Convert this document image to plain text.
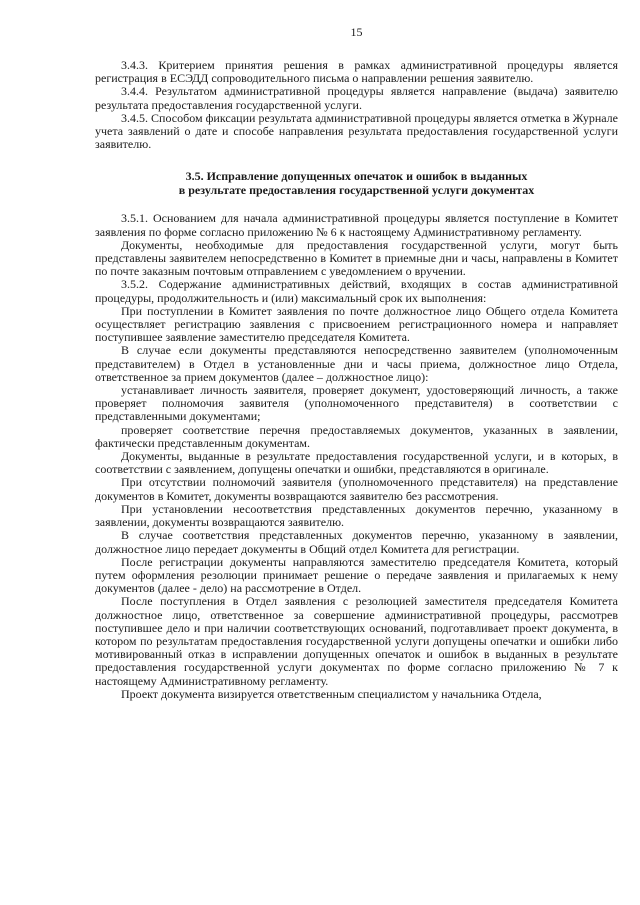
15

3.4.3. Критерием принятия решения в рамках административной процедуры является регистрация в ЕСЭДД сопроводительного письма о направлении решения заявителю.

3.4.4. Результатом административной процедуры является направление (выдача) заявителю результата предоставления государственной услуги.

3.4.5. Способом фиксации результата административной процедуры является отметка в Журнале учета заявлений о дате и способе направления результата предоставления государственной услуги заявителю.

3.5. Исправление допущенных опечаток и ошибок в выданных
в результате предоставления государственной услуги документах

3.5.1. Основанием для начала административной процедуры является поступление в Комитет заявления по форме согласно приложению № 6 к настоящему Административному регламенту.

Документы, необходимые для предоставления государственной услуги, могут быть представлены заявителем непосредственно в Комитет в приемные дни и часы, направлены в Комитет по почте заказным почтовым отправлением с уведомлением о вручении.

3.5.2. Содержание административных действий, входящих в состав административной процедуры, продолжительность и (или) максимальный срок их выполнения:

При поступлении в Комитет заявления по почте должностное лицо Общего отдела Комитета осуществляет регистрацию заявления с присвоением регистрационного номера и направляет поступившее заявление заместителю председателя Комитета.

В случае если документы представляются непосредственно заявителем (уполномоченным представителем) в Отдел в установленные дни и часы приема, должностное лицо Отдела, ответственное за прием документов (далее – должностное лицо):

устанавливает личность заявителя, проверяет документ, удостоверяющий личность, а также проверяет полномочия заявителя (уполномоченного представителя) в соответствии с представленными документами;

проверяет соответствие перечня предоставляемых документов, указанных в заявлении, фактически представленным документам.

Документы, выданные в результате предоставления государственной услуги, и в которых, в соответствии с заявлением, допущены опечатки и ошибки, представляются в оригинале.

При отсутствии полномочий заявителя (уполномоченного представителя) на представление документов в Комитет, документы возвращаются заявителю без рассмотрения.

При установлении несоответствия представленных документов перечню, указанному в заявлении, документы возвращаются заявителю.

В случае соответствия представленных документов перечню, указанному в заявлении, должностное лицо передает документы в Общий отдел Комитета для регистрации.

После регистрации документы направляются заместителю председателя Комитета, который путем оформления резолюции принимает решение о передаче заявления и прилагаемых к нему документов (далее - дело) на рассмотрение в Отдел.

После поступления в Отдел заявления с резолюцией заместителя председателя Комитета должностное лицо, ответственное за совершение административной процедуры, рассмотрев поступившее дело и при наличии соответствующих оснований, подготавливает проект документа, в котором по результатам предоставления государственной услуги допущены опечатки и ошибки либо мотивированный отказ в исправлении допущенных опечаток и ошибок в выданных в результате предоставления государственной услуги документах по форме согласно приложению № 7 к настоящему Административному регламенту.

Проект документа визируется ответственным специалистом у начальника Отдела,
